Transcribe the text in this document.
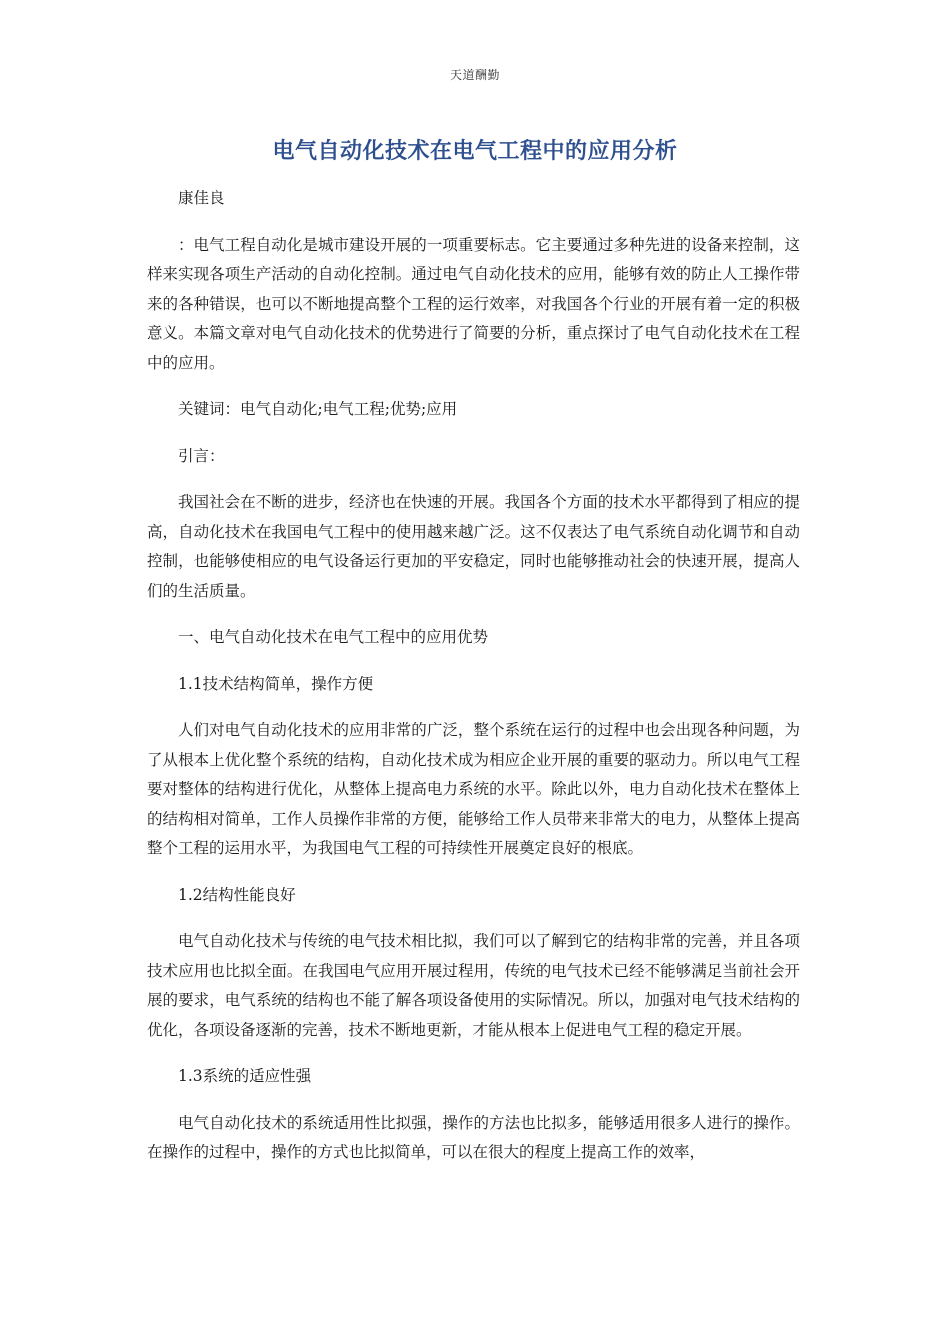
天道酬勤
电气自动化技术在电气工程中的应用分析

康佳良

：电气工程自动化是城市建设开展的一项重要标志。它主要通过多种先进的设备来控制，这样来实现各项生产活动的自动化控制。通过电气自动化技术的应用，能够有效的防止人工操作带来的各种错误，也可以不断地提高整个工程的运行效率，对我国各个行业的开展有着一定的积极意义。本篇文章对电气自动化技术的优势进行了简要的分析，重点探讨了电气自动化技术在工程中的应用。

关键词：电气自动化;电气工程;优势;应用

引言：

我国社会在不断的进步，经济也在快速的开展。我国各个方面的技术水平都得到了相应的提高，自动化技术在我国电气工程中的使用越来越广泛。这不仅表达了电气系统自动化调节和自动控制，也能够使相应的电气设备运行更加的平安稳定，同时也能够推动社会的快速开展，提高人们的生活质量。

一、电气自动化技术在电气工程中的应用优势

1.1技术结构简单，操作方便

人们对电气自动化技术的应用非常的广泛，整个系统在运行的过程中也会出现各种问题，为了从根本上优化整个系统的结构，自动化技术成为相应企业开展的重要的驱动力。所以电气工程要对整体的结构进行优化，从整体上提高电力系统的水平。除此以外，电力自动化技术在整体上的结构相对简单，工作人员操作非常的方便，能够给工作人员带来非常大的电力，从整体上提高整个工程的运用水平，为我国电气工程的可持续性开展奠定良好的根底。

1.2结构性能良好

电气自动化技术与传统的电气技术相比拟，我们可以了解到它的结构非常的完善，并且各项技术应用也比拟全面。在我国电气应用开展过程用，传统的电气技术已经不能够满足当前社会开展的要求，电气系统的结构也不能了解各项设备使用的实际情况。所以，加强对电气技术结构的优化，各项设备逐渐的完善，技术不断地更新，才能从根本上促进电气工程的稳定开展。

1.3系统的适应性强

电气自动化技术的系统适用性比拟强，操作的方法也比拟多，能够适用很多人进行的操作。在操作的过程中，操作的方式也比拟简单，可以在很大的程度上提高工作的效率，
